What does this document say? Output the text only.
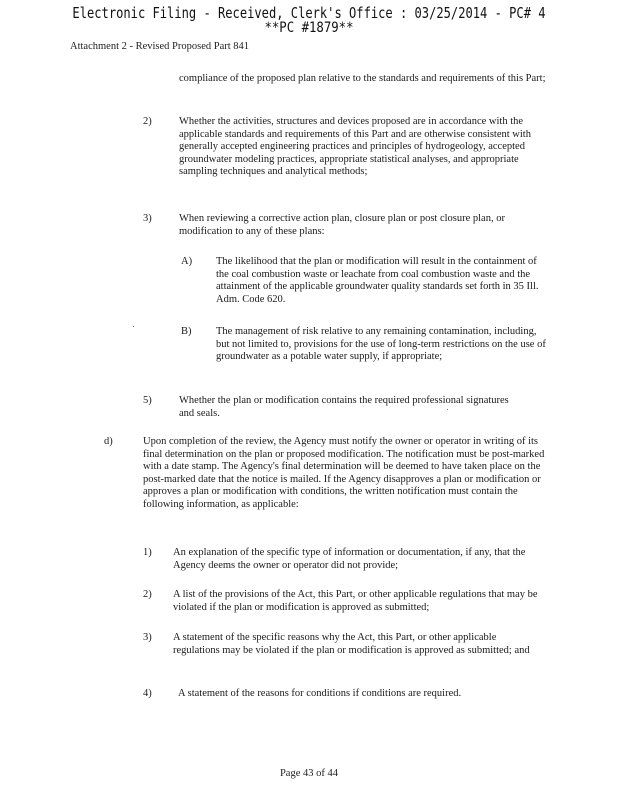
Electronic Filing - Received, Clerk's Office : 03/25/2014 - PC# 4
**PC #1879**
Attachment 2 - Revised Proposed Part 841
compliance of the proposed plan relative to the standards and requirements of this Part;
2)	Whether the activities, structures and devices proposed are in accordance with the applicable standards and requirements of this Part and are otherwise consistent with generally accepted engineering practices and principles of hydrogeology, accepted groundwater modeling practices, appropriate statistical analyses, and appropriate sampling techniques and analytical methods;
3)	When reviewing a corrective action plan, closure plan or post closure plan, or modification to any of these plans:
A) The likelihood that the plan or modification will result in the containment of the coal combustion waste or leachate from coal combustion waste and the attainment of the applicable groundwater quality standards set forth in 35 Ill. Adm. Code 620.
B) The management of risk relative to any remaining contamination, including, but not limited to, provisions for the use of long-term restrictions on the use of groundwater as a potable water supply, if appropriate;
5)	Whether the plan or modification contains the required professional signatures and seals.
d)	Upon completion of the review, the Agency must notify the owner or operator in writing of its final determination on the plan or proposed modification. The notification must be post-marked with a date stamp. The Agency's final determination will be deemed to have taken place on the post-marked date that the notice is mailed. If the Agency disapproves a plan or modification or approves a plan or modification with conditions, the written notification must contain the following information, as applicable:
1) An explanation of the specific type of information or documentation, if any, that the Agency deems the owner or operator did not provide;
2) A list of the provisions of the Act, this Part, or other applicable regulations that may be violated if the plan or modification is approved as submitted;
3) A statement of the specific reasons why the Act, this Part, or other applicable regulations may be violated if the plan or modification is approved as submitted; and
4)	A statement of the reasons for conditions if conditions are required.
Page 43 of 44
